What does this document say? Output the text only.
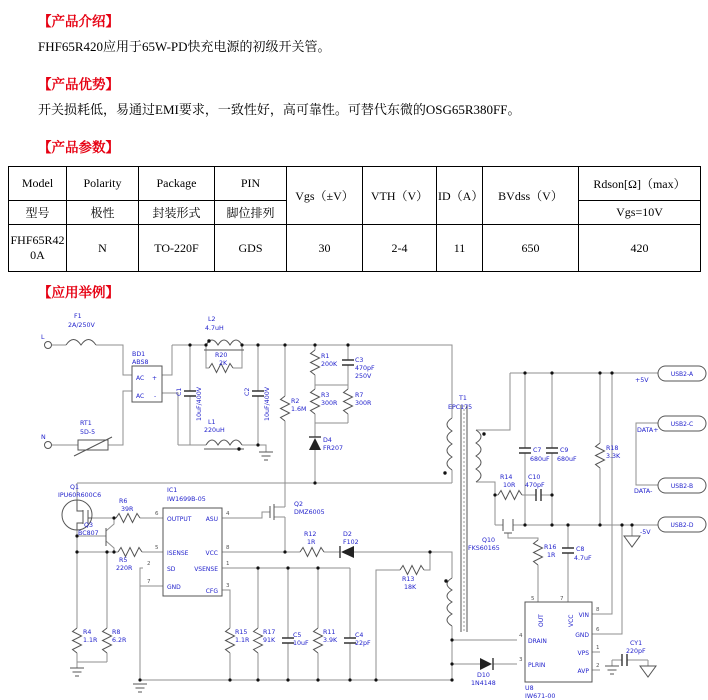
【产品介绍】

FHF65R420应用于65W-PD快充电源的初级开关管。

【产品优势】

开关损耗低，易通过EMI要求，一致性好，高可靠性。可替代东微的OSG65R380FF。

【产品参数】
Model	Polarity	Package	PIN	Vgs（±V）	VTH（V）	ID（A）	BVdss（V）	Rdson[Ω]（max）
型号	极性	封装形式	脚位排列					Vgs=10V
FHF65R420A	N	TO-220F	GDS	30	2-4	11	650	420
【应用举例】
L
N
F1
2A/250V
RT1
5D-5
BD1
ABS8
AC +
AC -
L2
4.7uH
R20
2K
C1 10uF/400V	C2 10uF/400V
L1
220uH
R2
1.6M
R1
200K
C3
470pF
250V
R3
300R
R7
300R
D4
FR207
T1
EPC175
Q1
IPU60R600C6
R6
39R
Q3
BC807
R5
220R
R4
1.1R
R8
6.2R
Q2
DMZ6005
R12
1R
D2
F102
R13
18K
R15
1.1R
R17
91K
C5
10uF
R11
3.9K
C4
22pF
R14
10R
C10
470pF
Q10
FKS60165	R16
1R
C8
4.7uF
C7
680uF
C9
680uF
R18
3.3K
D10
1N4148
CY1
220pF
U8
IW671-00
IC1
IW1699B-05
+5V
-5V
DATA+
DATA-
6
OUTPUT
5
ISENSE
2
SD
7
GND
4
ASU
8
VCC
1
VSENSE
3
CFG
5
OUT
7
VCC
8
VIN
6
GND
1
VPS
2
AVP
4
DRAIN
3
PLRIN
USB2-A
USB2-C
USB2-B
USB2-D
